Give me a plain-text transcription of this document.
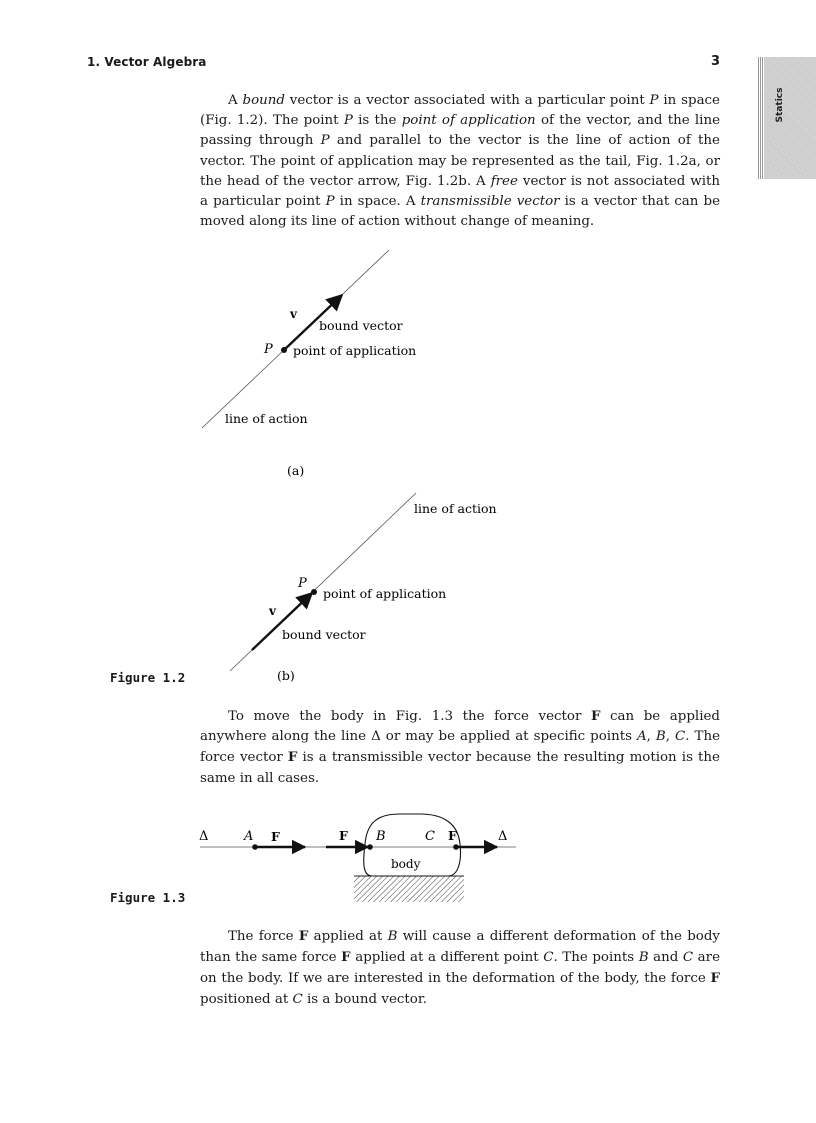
1. Vector Algebra	3
Statics

A bound vector is a vector associated with a particular point P in space (Fig. 1.2). The point P is the point of application of the vector, and the line passing through P and parallel to the vector is the line of action of the vector. The point of application may be represented as the tail, Fig. 1.2a, or the head of the vector arrow, Fig. 1.2b. A free vector is not associated with a particular point P in space. A transmissible vector is a vector that can be moved along its line of action without change of meaning.

v
bound vector
P point of application
line of action
(a)
line of action
P
point of application
v
bound vector
(b)
Figure 1.2

To move the body in Fig. 1.3 the force vector F can be applied anywhere along the line Δ or may be applied at specific points A, B, C. The force vector F is a transmissible vector because the resulting motion is the same in all cases.

Δ	A F	F B	C F	Δ
body
Figure 1.3

The force F applied at B will cause a different deformation of the body than the same force F applied at a different point C. The points B and C are on the body. If we are interested in the deformation of the body, the force F positioned at C is a bound vector.
